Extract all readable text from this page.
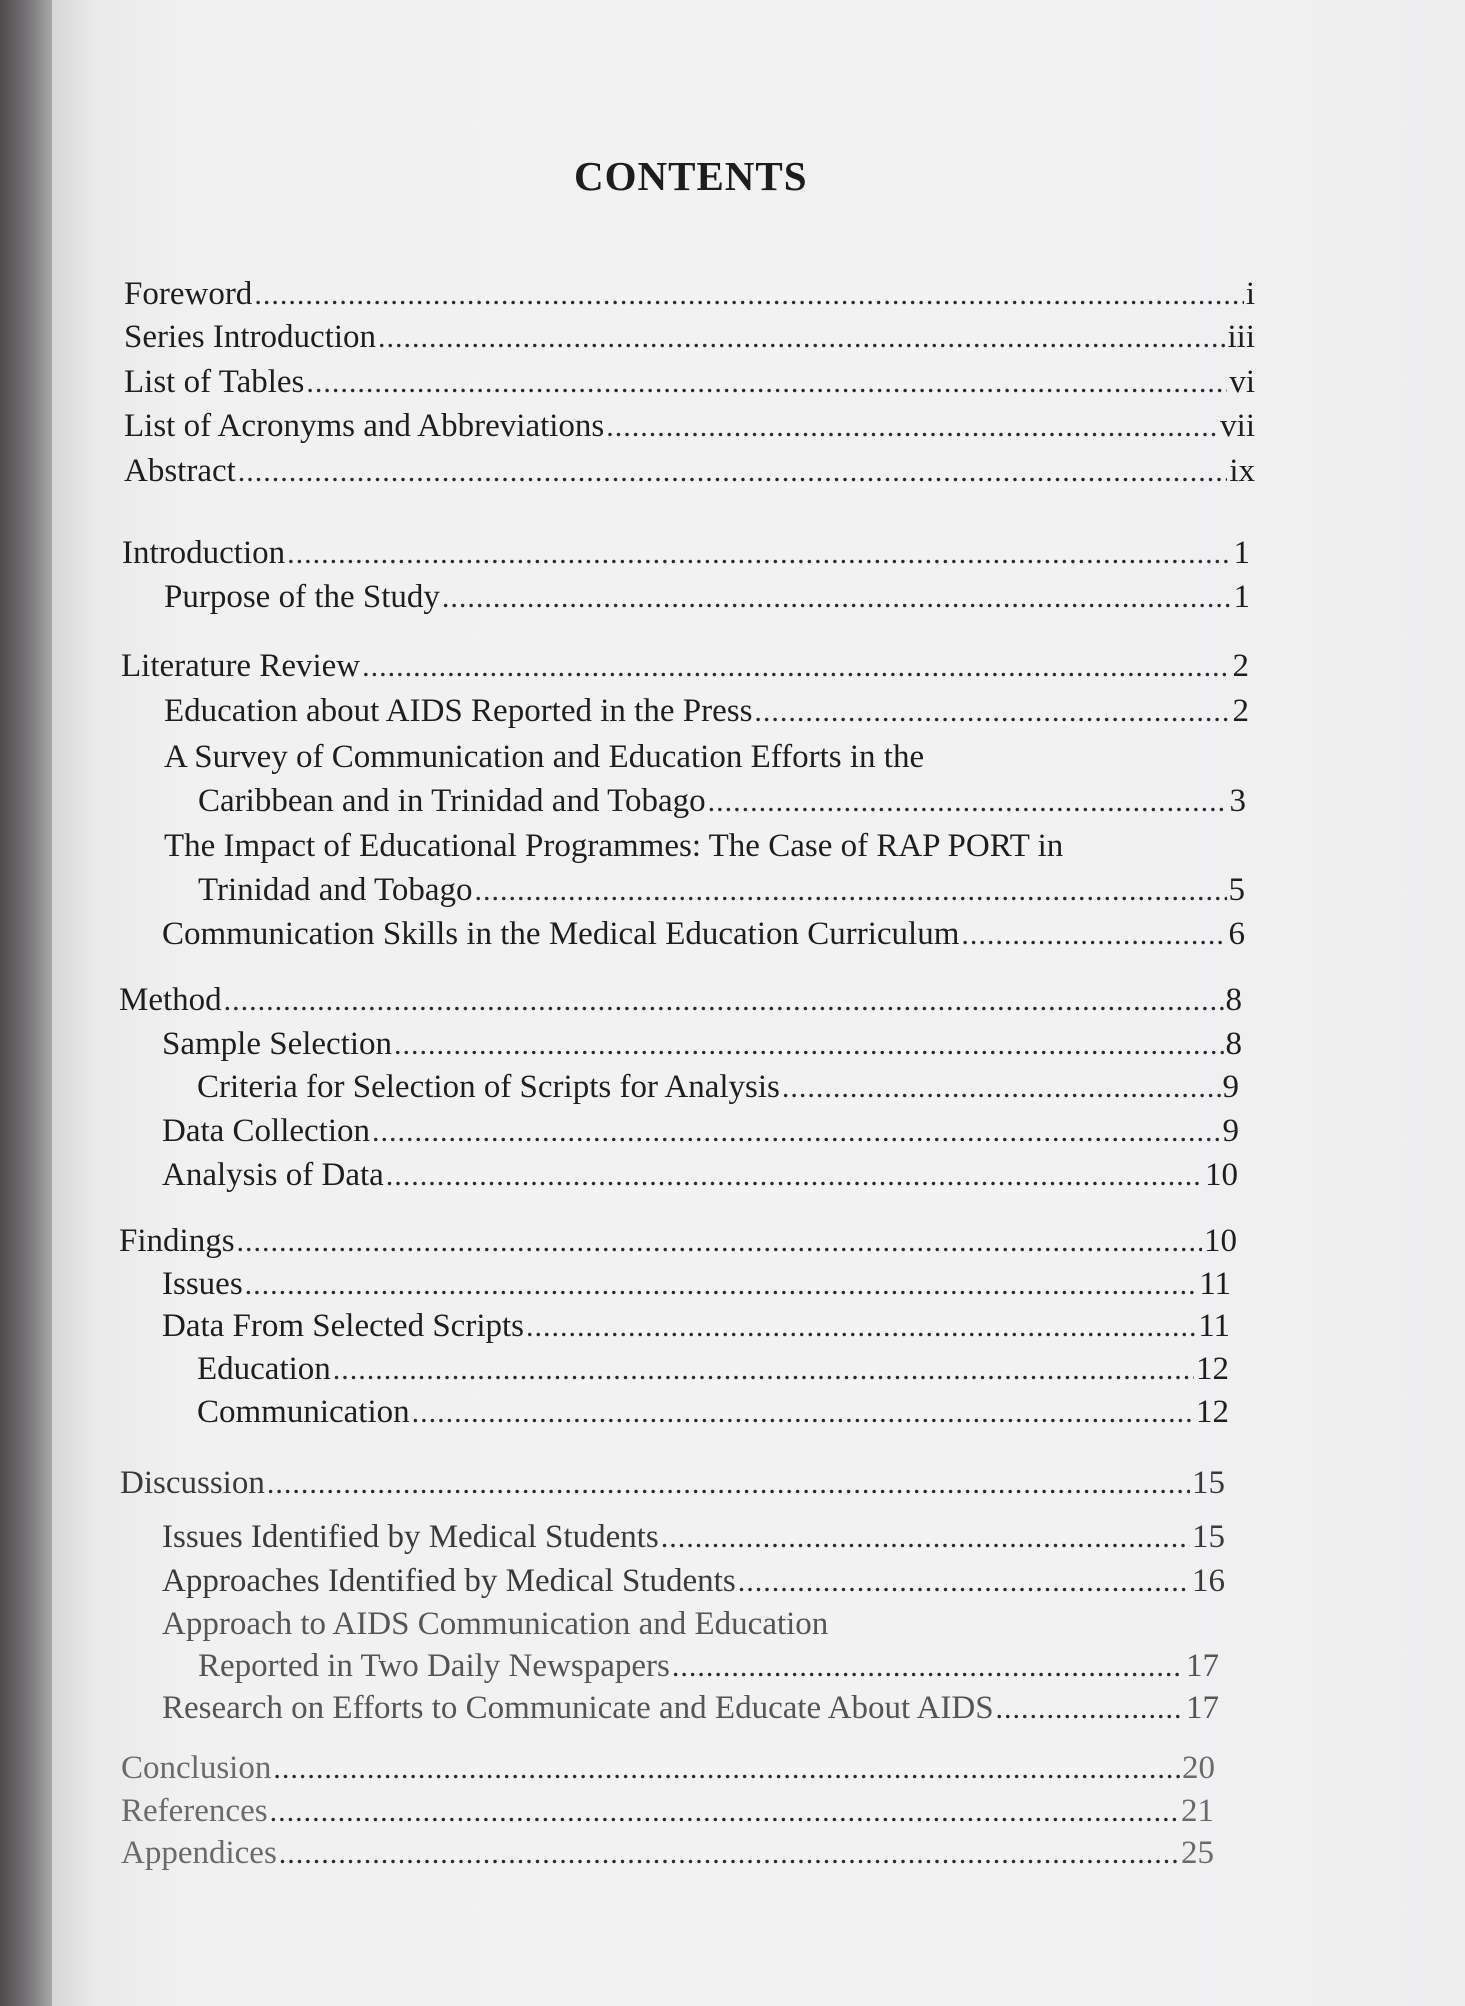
CONTENTS
Foreword .....	i
Series Introduction .....	iii
List of Tables .....	vi
List of Acronyms and Abbreviations .....	vii
Abstract .....	ix
Introduction .....	1
Purpose of the Study .....	1
Literature Review .....	2
Education about AIDS Reported in the Press .....	2
A Survey of Communication and Education Efforts in the
Caribbean and in Trinidad and Tobago .....	3
The Impact of Educational Programmes: The Case of RAP PORT in
Trinidad and Tobago .....	5
Communication Skills in the Medical Education Curriculum .....	6
Method .....	8
Sample Selection .....	8
Criteria for Selection of Scripts for Analysis .....	9
Data Collection .....	9
Analysis of Data .....	10
Findings .....	10
Issues .....	11
Data From Selected Scripts .....	11
Education .....	12
Communication .....	12
Discussion .....	15
Issues Identified by Medical Students .....	15
Approaches Identified by Medical Students .....	16
Approach to AIDS Communication and Education
Reported in Two Daily Newspapers .....	17
Research on Efforts to Communicate and Educate About AIDS .....	17
Conclusion .....	20
References .....	21
Appendices .....	25
